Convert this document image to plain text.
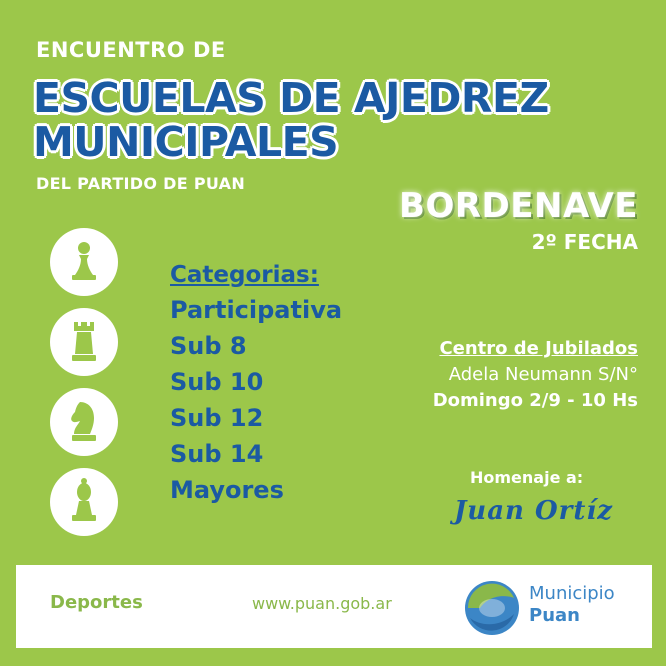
ENCUENTRO DE
ESCUELAS DE AJEDREZ
MUNICIPALES
DEL PARTIDO DE PUAN
BORDENAVE
2º FECHA
Categorias:
Participativa
Sub 8
Sub 10
Sub 12
Sub 14
Mayores
Centro de Jubilados
Adela Neumann S/N°
Domingo 2/9 - 10 Hs
Homenaje a:
Juan Ortíz
Deportes	www.puan.gob.ar	Municipio
Puan
